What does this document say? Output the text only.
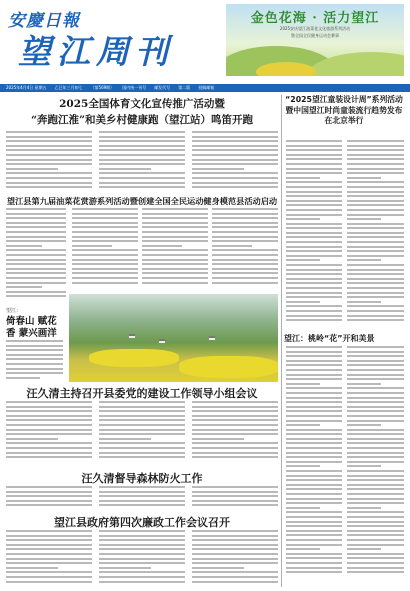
安慶日報
望江周刊
金色花海 · 活力望江
2025安庆望江油菜花文化旅游系列活动
暨全国全民健身运动会赛事
2025年4月4日 星期五 乙巳年三月初七 （第569期） 国内统一刊号 邮发代号 第二版 投稿邮箱
2025全国体育文化宣传推广活动暨
“奔跑江淮”和美乡村健康跑（望江站）鸣笛开跑
望江县第九届油菜花赏游系列活动暨创建全国全民运动健身模范县活动启动
望江：
倚春山 赋花香 蒙兴画洋
汪久清主持召开县委党的建设工作领导小组会议
汪久清督导森林防火工作
望江县政府第四次廉政工作会议召开
“2025望江童装设计周”系列活动暨中国望江时尚童装流行趋势发布在北京举行
望江：桃岭“花”开和美景
